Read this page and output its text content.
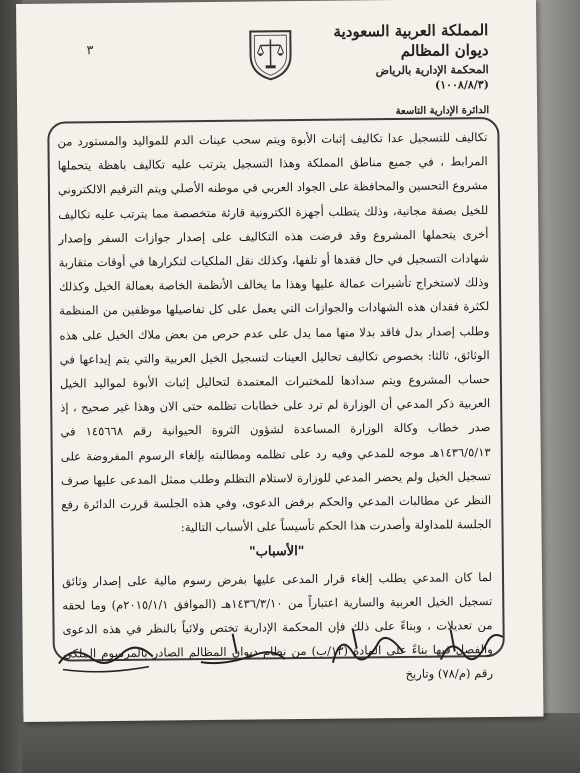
٣
المملكة العربية السعودية
ديوان المظالم
المحكمة الإدارية بالرياض
(١٠٠٨/٨/٣)
الدائرة الإدارية التاسعة

تكاليف للتسجيل عدا تكاليف إثبات الأبوة ويتم سحب عينات الدم للمواليد والمستورد من المرابط ، في جميع مناطق المملكة وهذا التسجيل يترتب عليه تكاليف باهظة يتحملها مشروع التحسين والمحافظة على الجواد العربي في موطنه الأصلي ويتم الترقيم الالكتروني للخيل بصفة مجانية، وذلك يتطلب أجهزة الكترونية قارئة متخصصة مما يترتب عليه تكاليف أخرى يتحملها المشروع وقد فرضت هذه التكاليف على إصدار جوازات السفر وإصدار شهادات التسجيل في حال فقدها أو تلفها، وكذلك نقل الملكيات لتكرارها في أوقات متقاربة وذلك لاستخراج تأشيرات عمالة عليها وهذا ما يخالف الأنظمة الخاصة بعمالة الخيل وكذلك لكثرة فقدان هذه الشهادات والجوازات التي يعمل على كل تفاصيلها موظفين من المنظمة وطلب إصدار بدل فاقد بدلا منها مما يدل على عدم حرص من بعض ملاك الخيل على هذه الوثائق، ثالثا: بخصوص تكاليف تحاليل العينات لتسجيل الخيل العربية والتي يتم إيداعها في حساب المشروع ويتم سدادها للمختبرات المعتمدة لتحاليل إثبات الأبوة لمواليد الخيل العربية ذكر المدعي أن الوزارة لم ترد على خطابات تظلمه حتى الان وهذا غير صحيح ، إذ صدر خطاب وكالة الوزارة المساعدة لشؤون الثروة الحيوانية رقم ١٤٥٦٦٨ في ١٤٣٦/٥/١٣هـ موجه للمدعي وفيه رد على تظلمه ومطالبته بإلغاء الرسوم المفروضة على تسجيل الخيل ولم يحضر المدعي للوزارة لاستلام التظلم وطلب ممثل المدعى عليها صرف النظر عن مطالبات المدعي والحكم برفض الدعوى، وفي هذه الجلسة قررت الدائرة رفع الجلسة للمداولة وأصدرت هذا الحكم تأسيساً على الأسباب التالية:

"الأسباب"

لما كان المدعي يطلب إلغاء قرار المدعى عليها بفرض رسوم مالية على إصدار وثائق تسجيل الخيل العربية والسارية اعتباراً من ١٤٣٦/٣/١٠هـ (الموافق ٢٠١٥/١/١م) وما لحقه من تعديلات ، وبناءً على ذلك فإن المحكمة الإدارية تختص ولائياً بالنظر في هذه الدعوى والفصل فيها بناءً على المادة (١٣/ب) من نظام ديوان المظالم الصادر بالمرسوم الملكي رقم (م/٧٨) وتاريخ
